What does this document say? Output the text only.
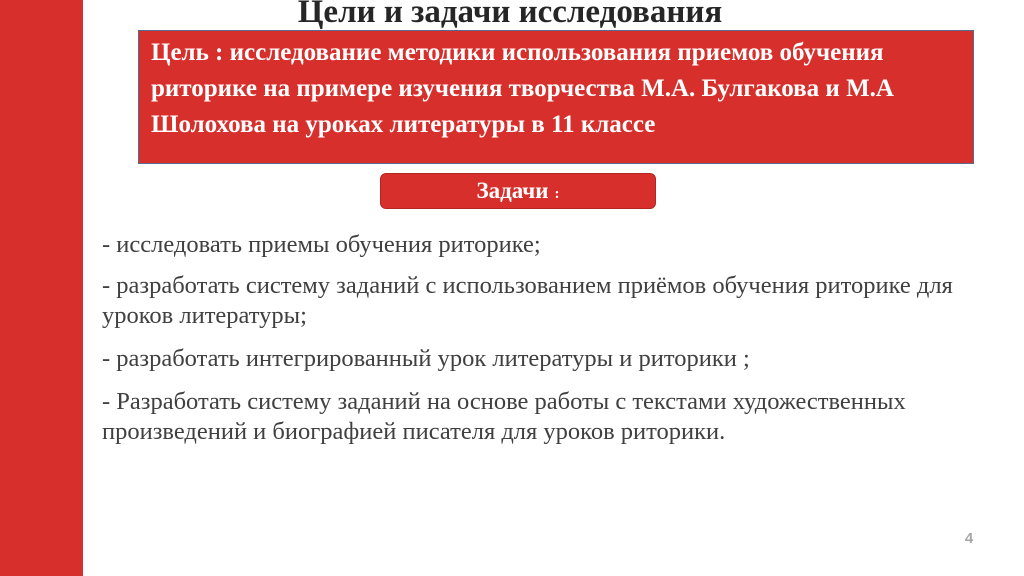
Цели и задачи исследования
Цель : исследование методики использования приемов обучения риторике на примере изучения творчества М.А. Булгакова и М.А Шолохова на уроках литературы в 11 классе
Задачи :
- исследовать приемы обучения риторике;
- разработать систему заданий с использованием приёмов обучения риторике для уроков литературы;
- разработать интегрированный урок литературы и риторики ;
- Разработать систему заданий на основе работы с текстами художественных произведений и биографией писателя для уроков риторики.
4
